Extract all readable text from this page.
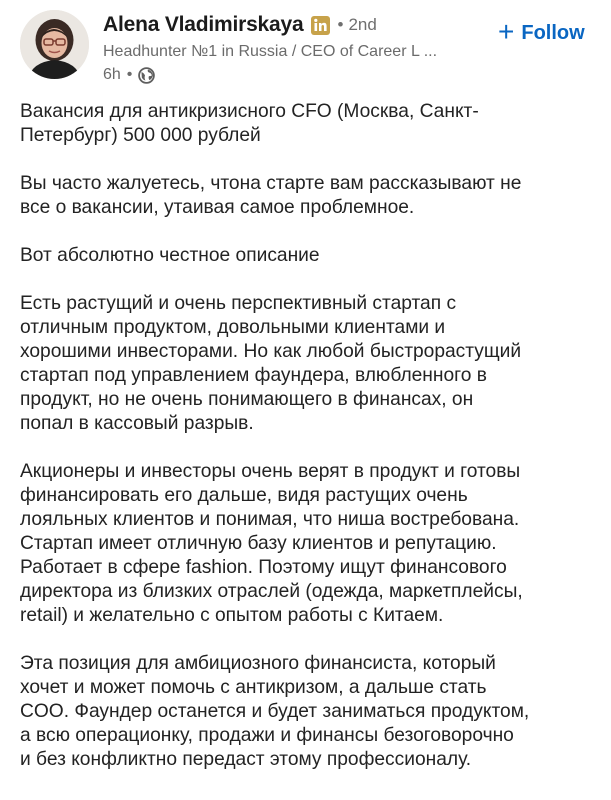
Alena Vladimirskaya • 2nd
Headhunter №1 in Russia / CEO of Career L ...
6h •
+ Follow

Вакансия для антикризисного CFO (Москва, Санкт-
Петербург) 500 000 рублей

Вы часто жалуетесь, чтона старте вам рассказывают не
все о вакансии, утаивая самое проблемное.

Вот абсолютно честное описание

Есть растущий и очень перспективный стартап с
отличным продуктом, довольными клиентами и
хорошими инвесторами. Но как любой быстрорастущий
стартап под управлением фаундера, влюбленного в
продукт, но не очень понимающего в финансах, он
попал в кассовый разрыв.

Акционеры и инвесторы очень верят в продукт и готовы
финансировать его дальше, видя растущих очень
лояльных клиентов и понимая, что ниша востребована.
Стартап имеет отличную базу клиентов и репутацию.
Работает в сфере fashion. Поэтому ищут финансового
директора из близких отраслей (одежда, маркетплейсы,
retail) и желательно с опытом работы с Китаем.

Эта позиция для амбициозного финансиста, который
хочет и может помочь с антикризом, а дальше стать
COO. Фаундер останется и будет заниматься продуктом,
а всю операционку, продажи и финансы безоговорочно
и без конфликтно передаст этому профессионалу.
